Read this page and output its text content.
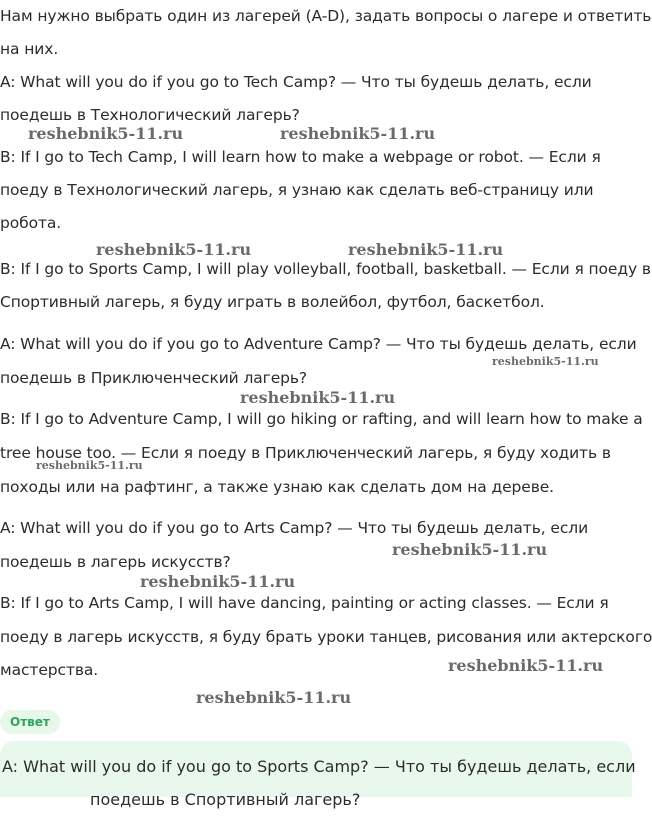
Нам нужно выбрать один из лагерей (A-D), задать вопросы о лагере и ответить
на них.
A: What will you do if you go to Tech Camp? — Что ты будешь делать, если
поедешь в Технологический лагерь?
B: If I go to Tech Camp, I will learn how to make a webpage or robot. — Если я
поеду в Технологический лагерь, я узнаю как сделать веб-страницу или
робота.
B: If I go to Sports Camp, I will play volleyball, football, basketball. — Если я поеду в
Спортивный лагерь, я буду играть в волейбол, футбол, баскетбол.
A: What will you do if you go to Adventure Camp? — Что ты будешь делать, если
поедешь в Приключенческий лагерь?
B: If I go to Adventure Camp, I will go hiking or rafting, and will learn how to make a
tree house too. — Если я поеду в Приключенческий лагерь, я буду ходить в
походы или на рафтинг, а также узнаю как сделать дом на дереве.
A: What will you do if you go to Arts Camp? — Что ты будешь делать, если
поедешь в лагерь искусств?
B: If I go to Arts Camp, I will have dancing, painting or acting classes. — Если я
поеду в лагерь искусств, я буду брать уроки танцев, рисования или актерского
мастерства.
reshebnik5-11.ru	reshebnik5-11.ru
reshebnik5-11.ru	reshebnik5-11.ru
reshebnik5-11.ru
reshebnik5-11.ru
reshebnik5-11.ru
reshebnik5-11.ru
reshebnik5-11.ru
reshebnik5-11.ru
reshebnik5-11.ru
Ответ
A: What will you do if you go to Sports Camp? — Что ты будешь делать, если
поедешь в Спортивный лагерь?
